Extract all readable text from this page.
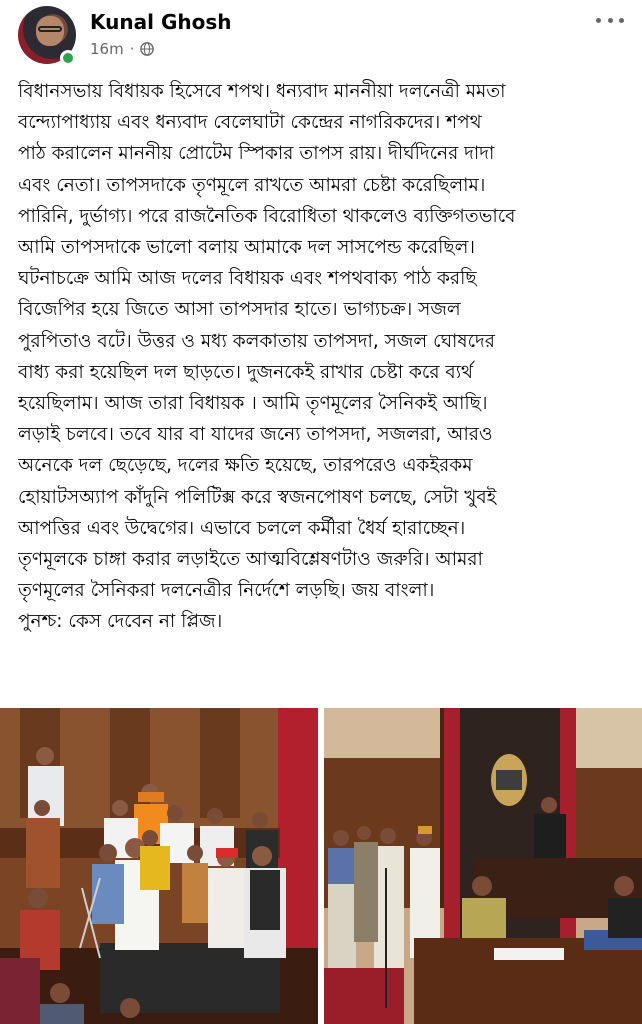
Kunal Ghosh
16m ·
বিধানসভায় বিধায়ক হিসেবে শপথ। ধন্যবাদ মাননীয়া দলনেত্রী মমতা
বন্দ্যোপাধ্যায় এবং ধন্যবাদ বেলেঘাটা কেন্দ্রের নাগরিকদের। শপথ
পাঠ করালেন মাননীয় প্রোটেম স্পিকার তাপস রায়। দীর্ঘদিনের দাদা
এবং নেতা। তাপসদাকে তৃণমূলে রাখতে আমরা চেষ্টা করেছিলাম।
পারিনি, দুর্ভাগ্য। পরে রাজনৈতিক বিরোধিতা থাকলেও ব্যক্তিগতভাবে
আমি তাপসদাকে ভালো বলায় আমাকে দল সাসপেন্ড করেছিল।
ঘটনাচক্রে আমি আজ দলের বিধায়ক এবং শপথবাক্য পাঠ করছি
বিজেপির হয়ে জিতে আসা তাপসদার হাতে। ভাগ্যচক্র। সজল
পুরপিতাও বটে। উত্তর ও মধ্য কলকাতায় তাপসদা, সজল ঘোষদের
বাধ্য করা হয়েছিল দল ছাড়তে। দুজনকেই রাখার চেষ্টা করে ব্যর্থ
হয়েছিলাম। আজ তারা বিধায়ক । আমি তৃণমূলের সৈনিকই আছি।
লড়াই চলবে। তবে যার বা যাদের জন্যে তাপসদা, সজলরা, আরও
অনেকে দল ছেড়েছে, দলের ক্ষতি হয়েছে, তারপরেও একইরকম
হোয়াটসঅ্যাপ কাঁদুনি পলিটিক্স করে স্বজনপোষণ চলছে, সেটা খুবই
আপত্তির এবং উদ্বেগের। এভাবে চললে কর্মীরা ধৈর্য হারাচ্ছেন।
তৃণমূলকে চাঙ্গা করার লড়াইতে আত্মবিশ্লেষণটাও জরুরি। আমরা
তৃণমূলের সৈনিকরা দলনেত্রীর নির্দেশে লড়ছি। জয় বাংলা।
পুনশ্চ: কেস দেবেন না প্লিজ।
